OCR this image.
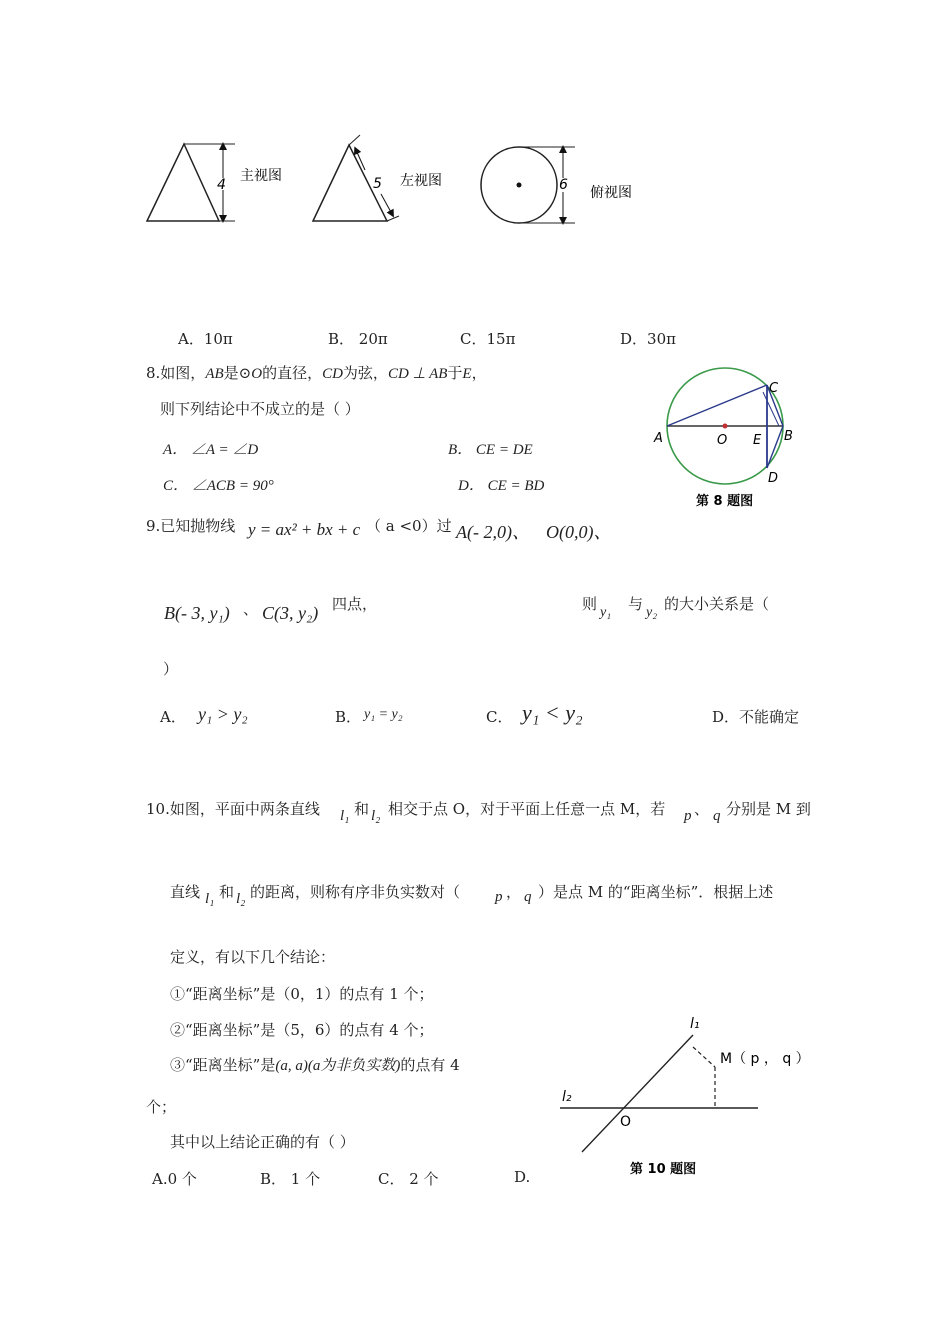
4
主视图	5 左视图	6 俯视图
A．10π	B． 20π	C．15π	D．30π
8.如图，AB是⊙O的直径，CD为弦，CD ⊥ AB于E，
则下列结论中不成立的是（ ）
A． ∠A = ∠D	B． CE = DE
C． ∠ACB = 90°	D． CE = BD
A	O E B
C
D
第 8 题图
9.已知抛物线 y = ax² + bx + c （ a <0）过 A(- 2,0)、 O(0,0)、
B(- 3, y₁) 、 C(3, y₂) 四点，	则 y₁ 与 y₂ 的大小关系是（
）
A． y₁ > y₂	B． y₁ = y₂	C． y₁ < y₂	D．不能确定
10.如图，平面中两条直线 l₁ 和 l₂ 相交于点 O，对于平面上任意一点 M，若 p 、 q 分别是 M 到
直线 l₁ 和 l₂ 的距离，则称有序非负实数对（ p ， q ）是点 M 的“距离坐标”．根据上述
定义，有以下几个结论：
①“距离坐标”是（0，1）的点有 1 个；
②“距离坐标”是（5，6）的点有 4 个；
③“距离坐标”是(a, a)(a为非负实数)的点有 4
个；
其中以上结论正确的有（ ）
A.0 个	B． 1 个	C． 2 个	D.
l₁
l₂
O
M（ p ， q ）
第 10 题图
